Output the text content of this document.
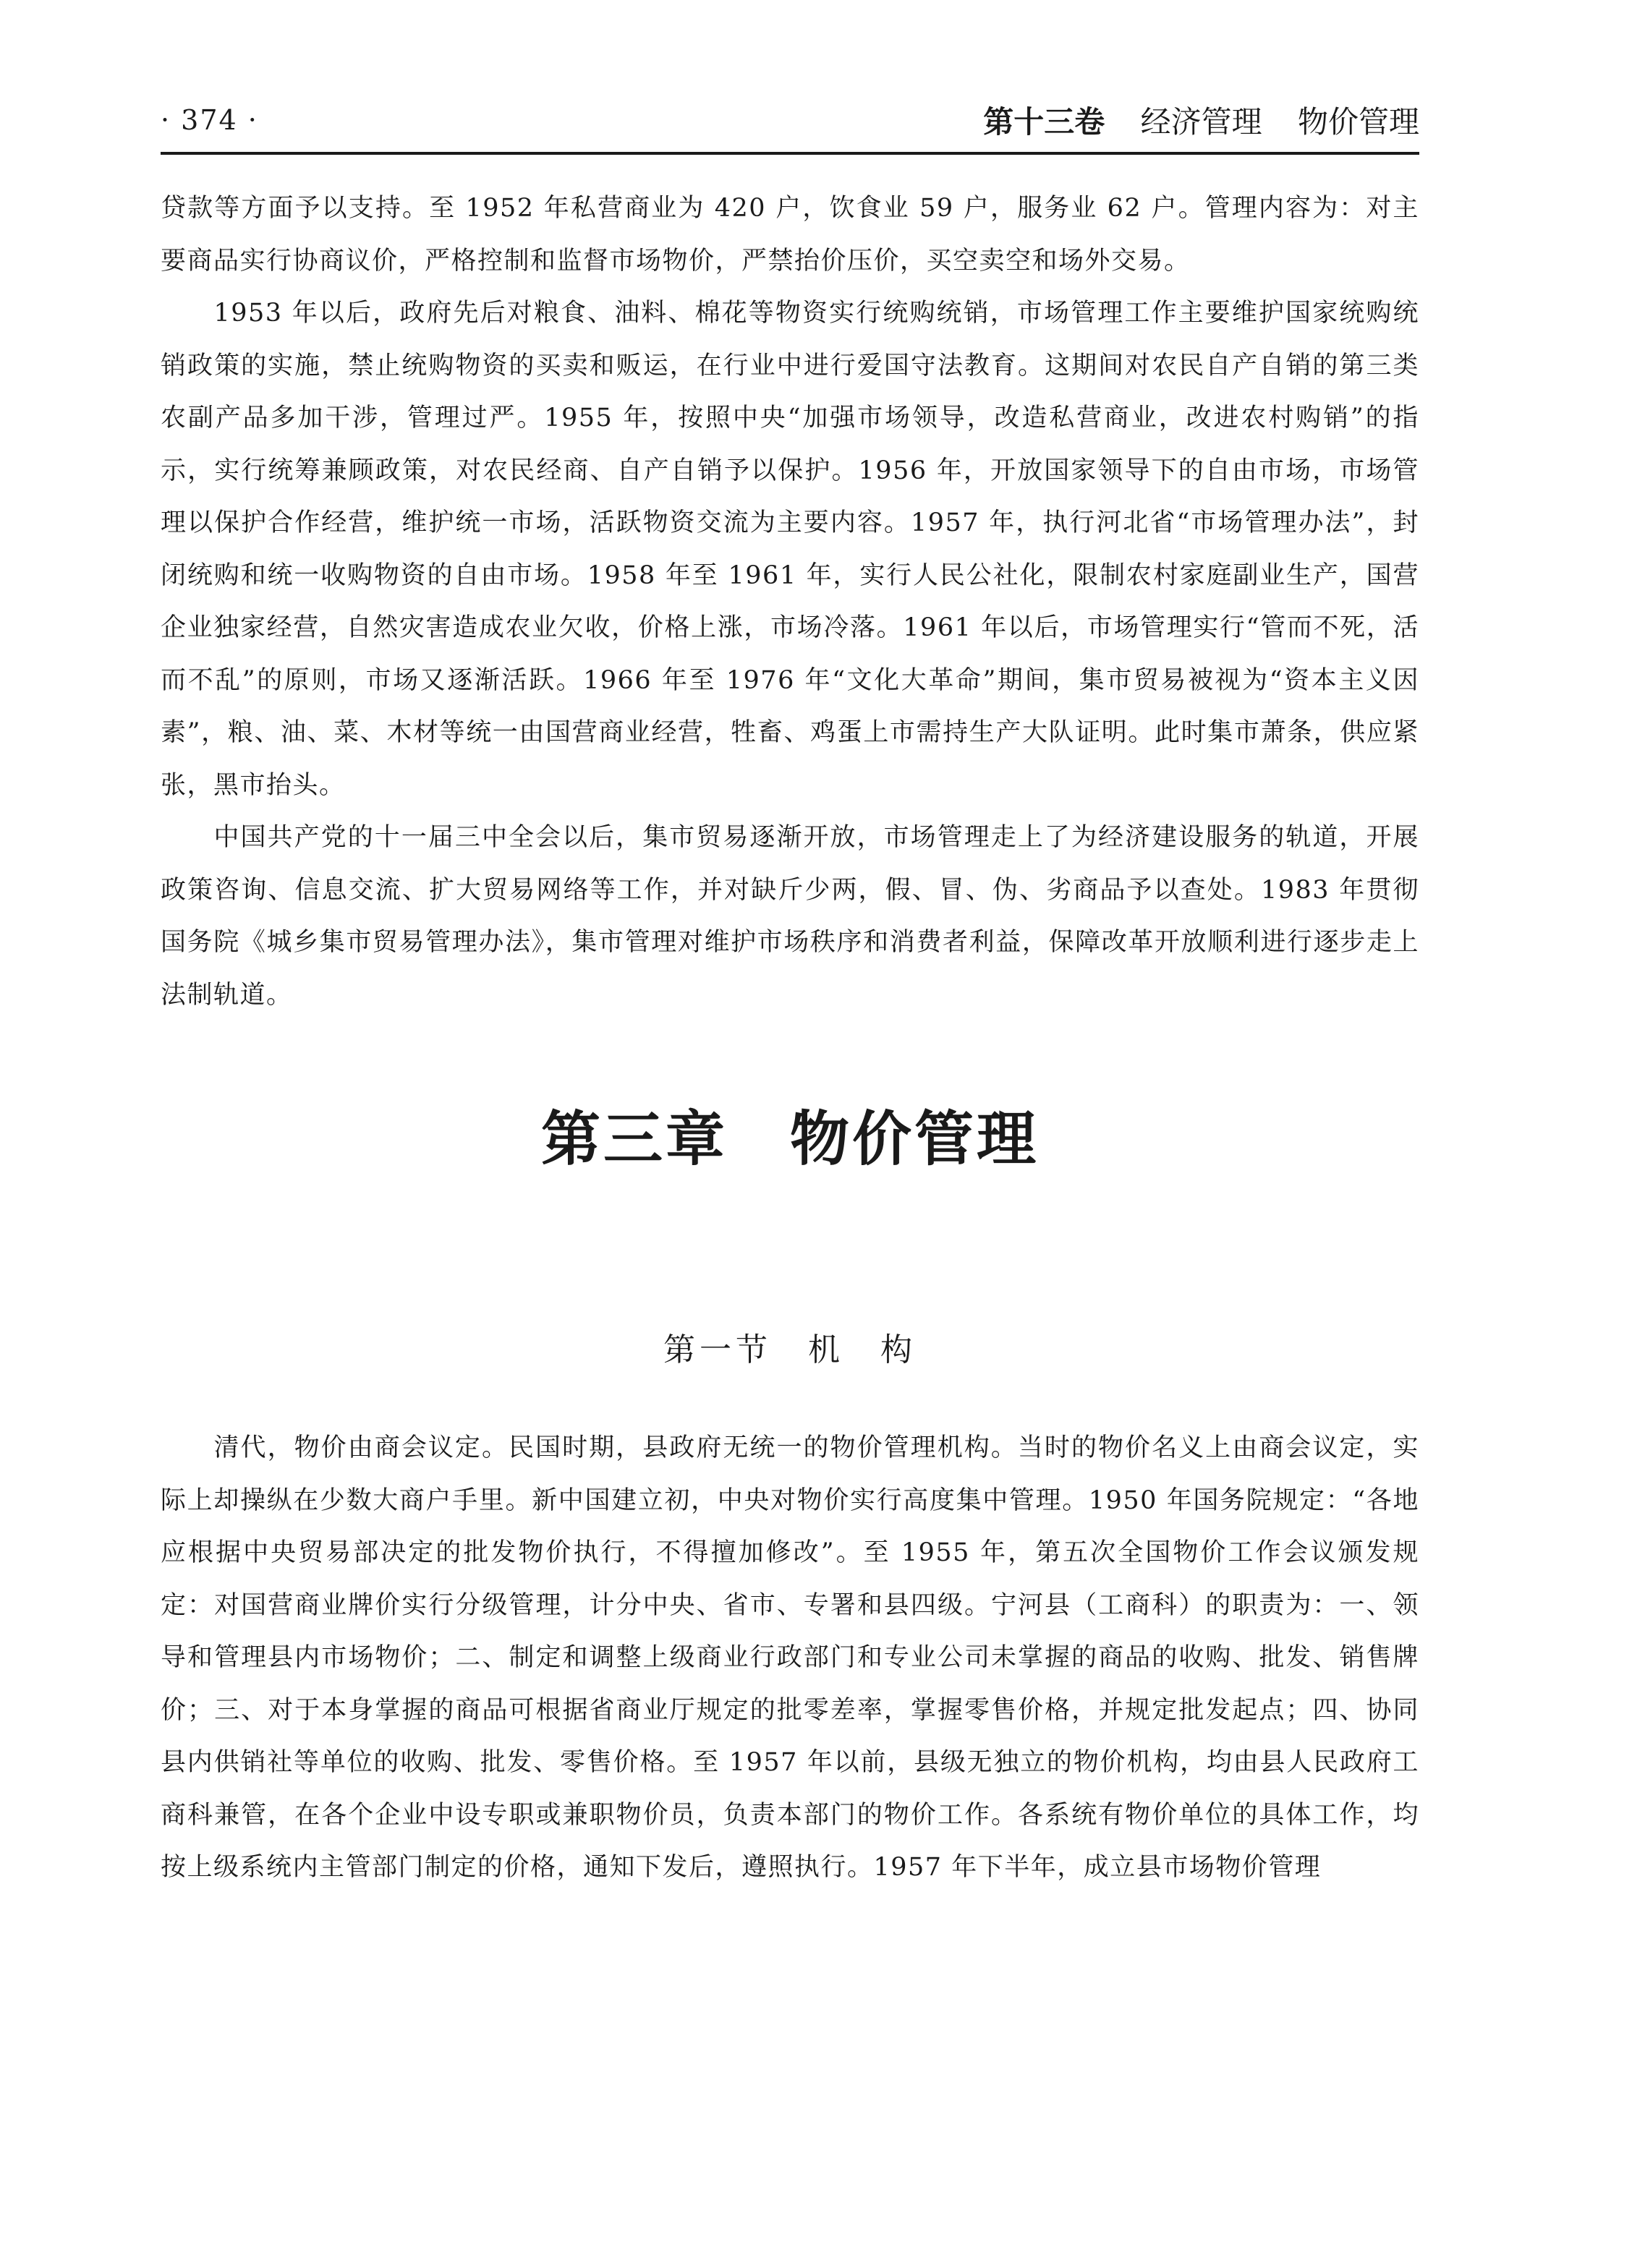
· 374 ·	第十三卷 经济管理 物价管理

贷款等方面予以支持。至 1952 年私营商业为 420 户，饮食业 59 户，服务业 62 户。管理内容为：对主要商品实行协商议价，严格控制和监督市场物价，严禁抬价压价，买空卖空和场外交易。

1953 年以后，政府先后对粮食、油料、棉花等物资实行统购统销，市场管理工作主要维护国家统购统销政策的实施，禁止统购物资的买卖和贩运，在行业中进行爱国守法教育。这期间对农民自产自销的第三类农副产品多加干涉，管理过严。1955 年，按照中央“加强市场领导，改造私营商业，改进农村购销”的指示，实行统筹兼顾政策，对农民经商、自产自销予以保护。1956 年，开放国家领导下的自由市场，市场管理以保护合作经营，维护统一市场，活跃物资交流为主要内容。1957 年，执行河北省“市场管理办法”，封闭统购和统一收购物资的自由市场。1958 年至 1961 年，实行人民公社化，限制农村家庭副业生产，国营企业独家经营，自然灾害造成农业欠收，价格上涨，市场冷落。1961 年以后，市场管理实行“管而不死，活而不乱”的原则，市场又逐渐活跃。1966 年至 1976 年“文化大革命”期间，集市贸易被视为“资本主义因素”，粮、油、菜、木材等统一由国营商业经营，牲畜、鸡蛋上市需持生产大队证明。此时集市萧条，供应紧张，黑市抬头。

中国共产党的十一届三中全会以后，集市贸易逐渐开放，市场管理走上了为经济建设服务的轨道，开展政策咨询、信息交流、扩大贸易网络等工作，并对缺斤少两，假、冒、伪、劣商品予以查处。1983 年贯彻国务院《城乡集市贸易管理办法》，集市管理对维护市场秩序和消费者利益，保障改革开放顺利进行逐步走上法制轨道。

第三章　物价管理
第一节　机　构

清代，物价由商会议定。民国时期，县政府无统一的物价管理机构。当时的物价名义上由商会议定，实际上却操纵在少数大商户手里。新中国建立初，中央对物价实行高度集中管理。1950 年国务院规定：“各地应根据中央贸易部决定的批发物价执行，不得擅加修改”。至 1955 年，第五次全国物价工作会议颁发规定：对国营商业牌价实行分级管理，计分中央、省市、专署和县四级。宁河县（工商科）的职责为：一、领导和管理县内市场物价；二、制定和调整上级商业行政部门和专业公司未掌握的商品的收购、批发、销售牌价；三、对于本身掌握的商品可根据省商业厅规定的批零差率，掌握零售价格，并规定批发起点；四、协同县内供销社等单位的收购、批发、零售价格。至 1957 年以前，县级无独立的物价机构，均由县人民政府工商科兼管，在各个企业中设专职或兼职物价员，负责本部门的物价工作。各系统有物价单位的具体工作，均按上级系统内主管部门制定的价格，通知下发后，遵照执行。1957 年下半年，成立县市场物价管理
